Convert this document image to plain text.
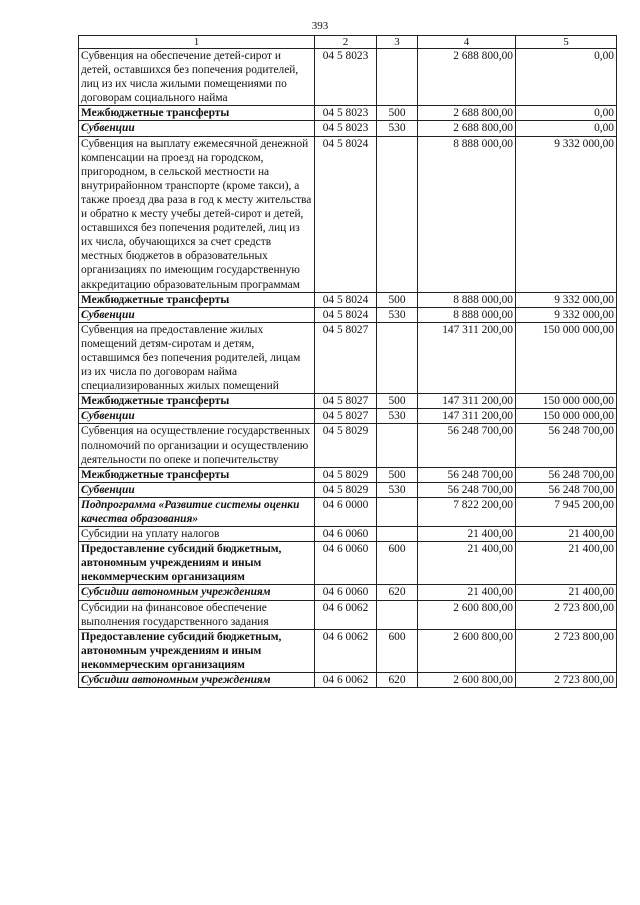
393
1	2	3	4	5
Субвенция на обеспечение детей-сирот и детей, оставшихся без попечения родителей, лиц из их числа жилыми помещениями по договорам социального найма	04 5 8023		2 688 800,00	0,00
Межбюджетные трансферты	04 5 8023	500	2 688 800,00	0,00
Субвенции	04 5 8023	530	2 688 800,00	0,00
Субвенция на выплату ежемесячной денежной компенсации на проезд на городском, пригородном, в сельской местности на внутрирайонном транспорте (кроме такси), а также проезд два раза в год к месту жительства и обратно к месту учебы детей-сирот и детей, оставшихся без попечения родителей, лиц из их числа, обучающихся за счет средств местных бюджетов в образовательных организациях по имеющим государственную аккредитацию образовательным программам	04 5 8024		8 888 000,00	9 332 000,00
Межбюджетные трансферты	04 5 8024	500	8 888 000,00	9 332 000,00
Субвенции	04 5 8024	530	8 888 000,00	9 332 000,00
Субвенция на предоставление жилых помещений детям-сиротам и детям, оставшимся без попечения родителей, лицам из их числа по договорам найма специализированных жилых помещений	04 5 8027		147 311 200,00	150 000 000,00
Межбюджетные трансферты	04 5 8027	500	147 311 200,00	150 000 000,00
Субвенции	04 5 8027	530	147 311 200,00	150 000 000,00
Субвенция на осуществление государственных полномочий по организации и осуществлению деятельности по опеке и попечительству	04 5 8029		56 248 700,00	56 248 700,00
Межбюджетные трансферты	04 5 8029	500	56 248 700,00	56 248 700,00
Субвенции	04 5 8029	530	56 248 700,00	56 248 700,00
Подпрограмма «Развитие системы оценки качества образования»	04 6 0000		7 822 200,00	7 945 200,00
Субсидии на уплату налогов	04 6 0060		21 400,00	21 400,00
Предоставление субсидий бюджетным, автономным учреждениям и иным некоммерческим организациям	04 6 0060	600	21 400,00	21 400,00
Субсидии автономным учреждениям	04 6 0060	620	21 400,00	21 400,00
Субсидии на финансовое обеспечение выполнения государственного задания	04 6 0062		2 600 800,00	2 723 800,00
Предоставление субсидий бюджетным, автономным учреждениям и иным некоммерческим организациям	04 6 0062	600	2 600 800,00	2 723 800,00
Субсидии автономным учреждениям	04 6 0062	620	2 600 800,00	2 723 800,00
